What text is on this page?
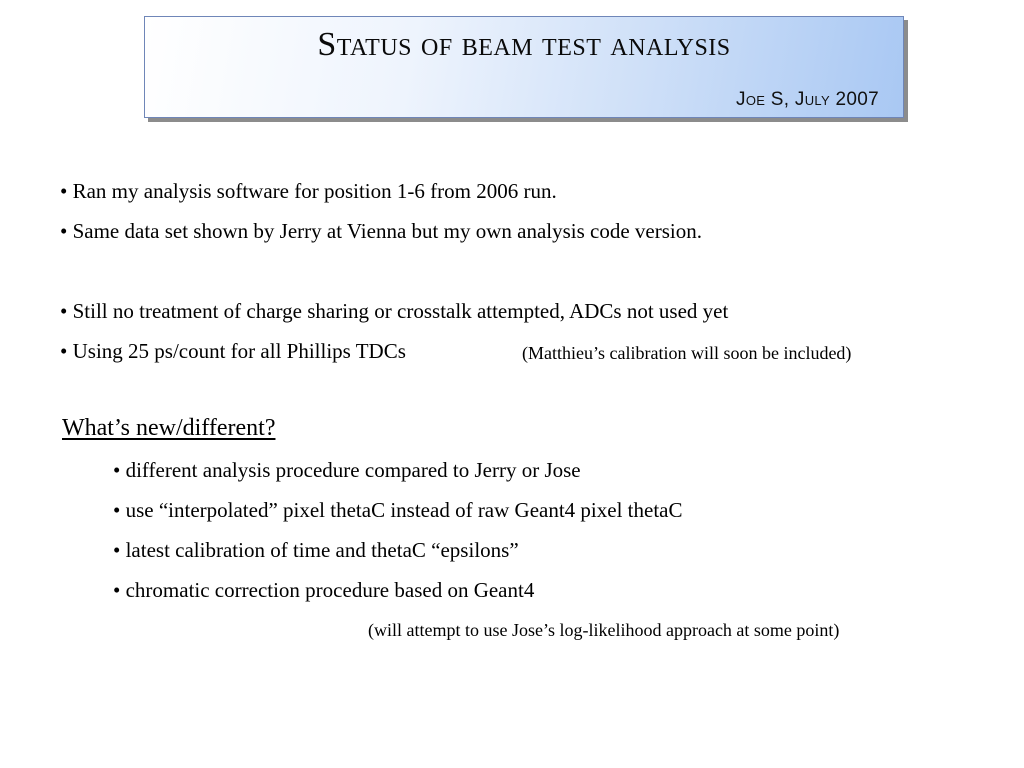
Status of beam test analysis
Joe S, July 2007
• Ran my analysis software for position 1-6 from 2006 run.
• Same data set shown by Jerry at Vienna but my own analysis code version.
• Still no treatment of charge sharing or crosstalk attempted, ADCs not used yet
• Using 25 ps/count for all Phillips TDCs	(Matthieu’s calibration will soon be included)
What’s new/different?
• different analysis procedure compared to Jerry or Jose
• use “interpolated” pixel thetaC instead of raw Geant4 pixel thetaC
• latest calibration of time and thetaC “epsilons”
• chromatic correction procedure based on Geant4
(will attempt to use Jose’s log-likelihood approach at some point)
